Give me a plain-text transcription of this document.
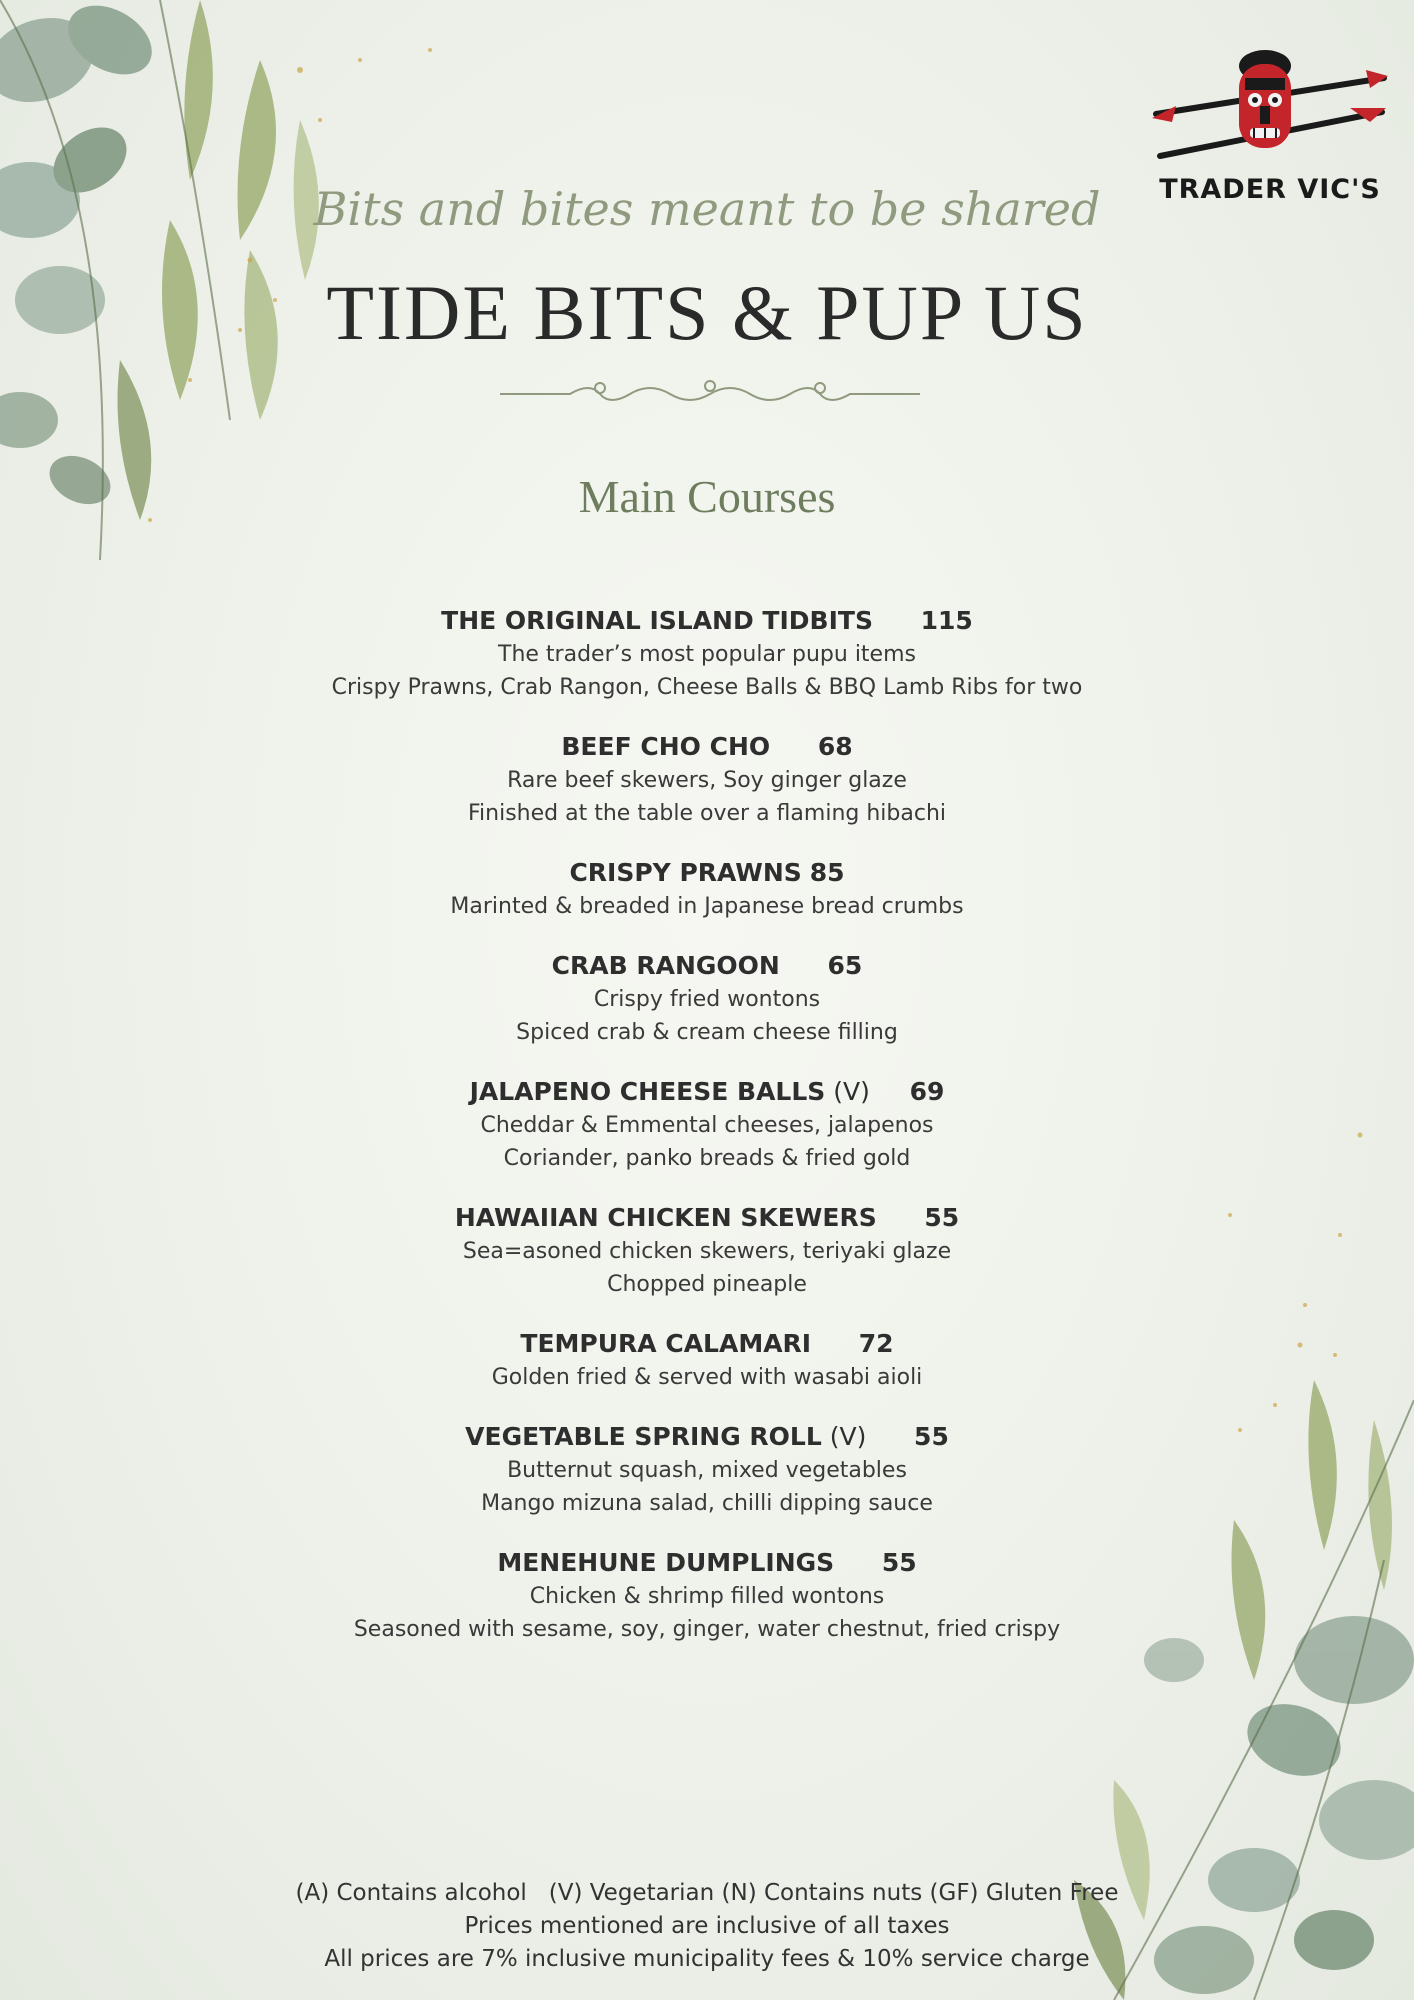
TRADER VIC'S
Bits and bites meant to be shared
TIDE BITS & PUP US
Main Courses
THE ORIGINAL ISLAND TIDBITS 115
The trader’s most popular pupu items
Crispy Prawns, Crab Rangon, Cheese Balls & BBQ Lamb Ribs for two
BEEF CHO CHO 68
Rare beef skewers, Soy ginger glaze
Finished at the table over a flaming hibachi
CRISPY PRAWNS 85
Marinted & breaded in Japanese bread crumbs
CRAB RANGOON 65
Crispy fried wontons
Spiced crab & cream cheese filling
JALAPENO CHEESE BALLS (V) 69
Cheddar & Emmental cheeses, jalapenos
Coriander, panko breads & fried gold
HAWAIIAN CHICKEN SKEWERS 55
Sea=asoned chicken skewers, teriyaki glaze
Chopped pineaple
TEMPURA CALAMARI 72
Golden fried & served with wasabi aioli
VEGETABLE SPRING ROLL (V) 55
Butternut squash, mixed vegetables
Mango mizuna salad, chilli dipping sauce
MENEHUNE DUMPLINGS 55
Chicken & shrimp filled wontons
Seasoned with sesame, soy, ginger, water chestnut, fried crispy
(A) Contains alcohol   (V) Vegetarian (N) Contains nuts (GF) Gluten Free
Prices mentioned are inclusive of all taxes
All prices are 7% inclusive municipality fees & 10% service charge
